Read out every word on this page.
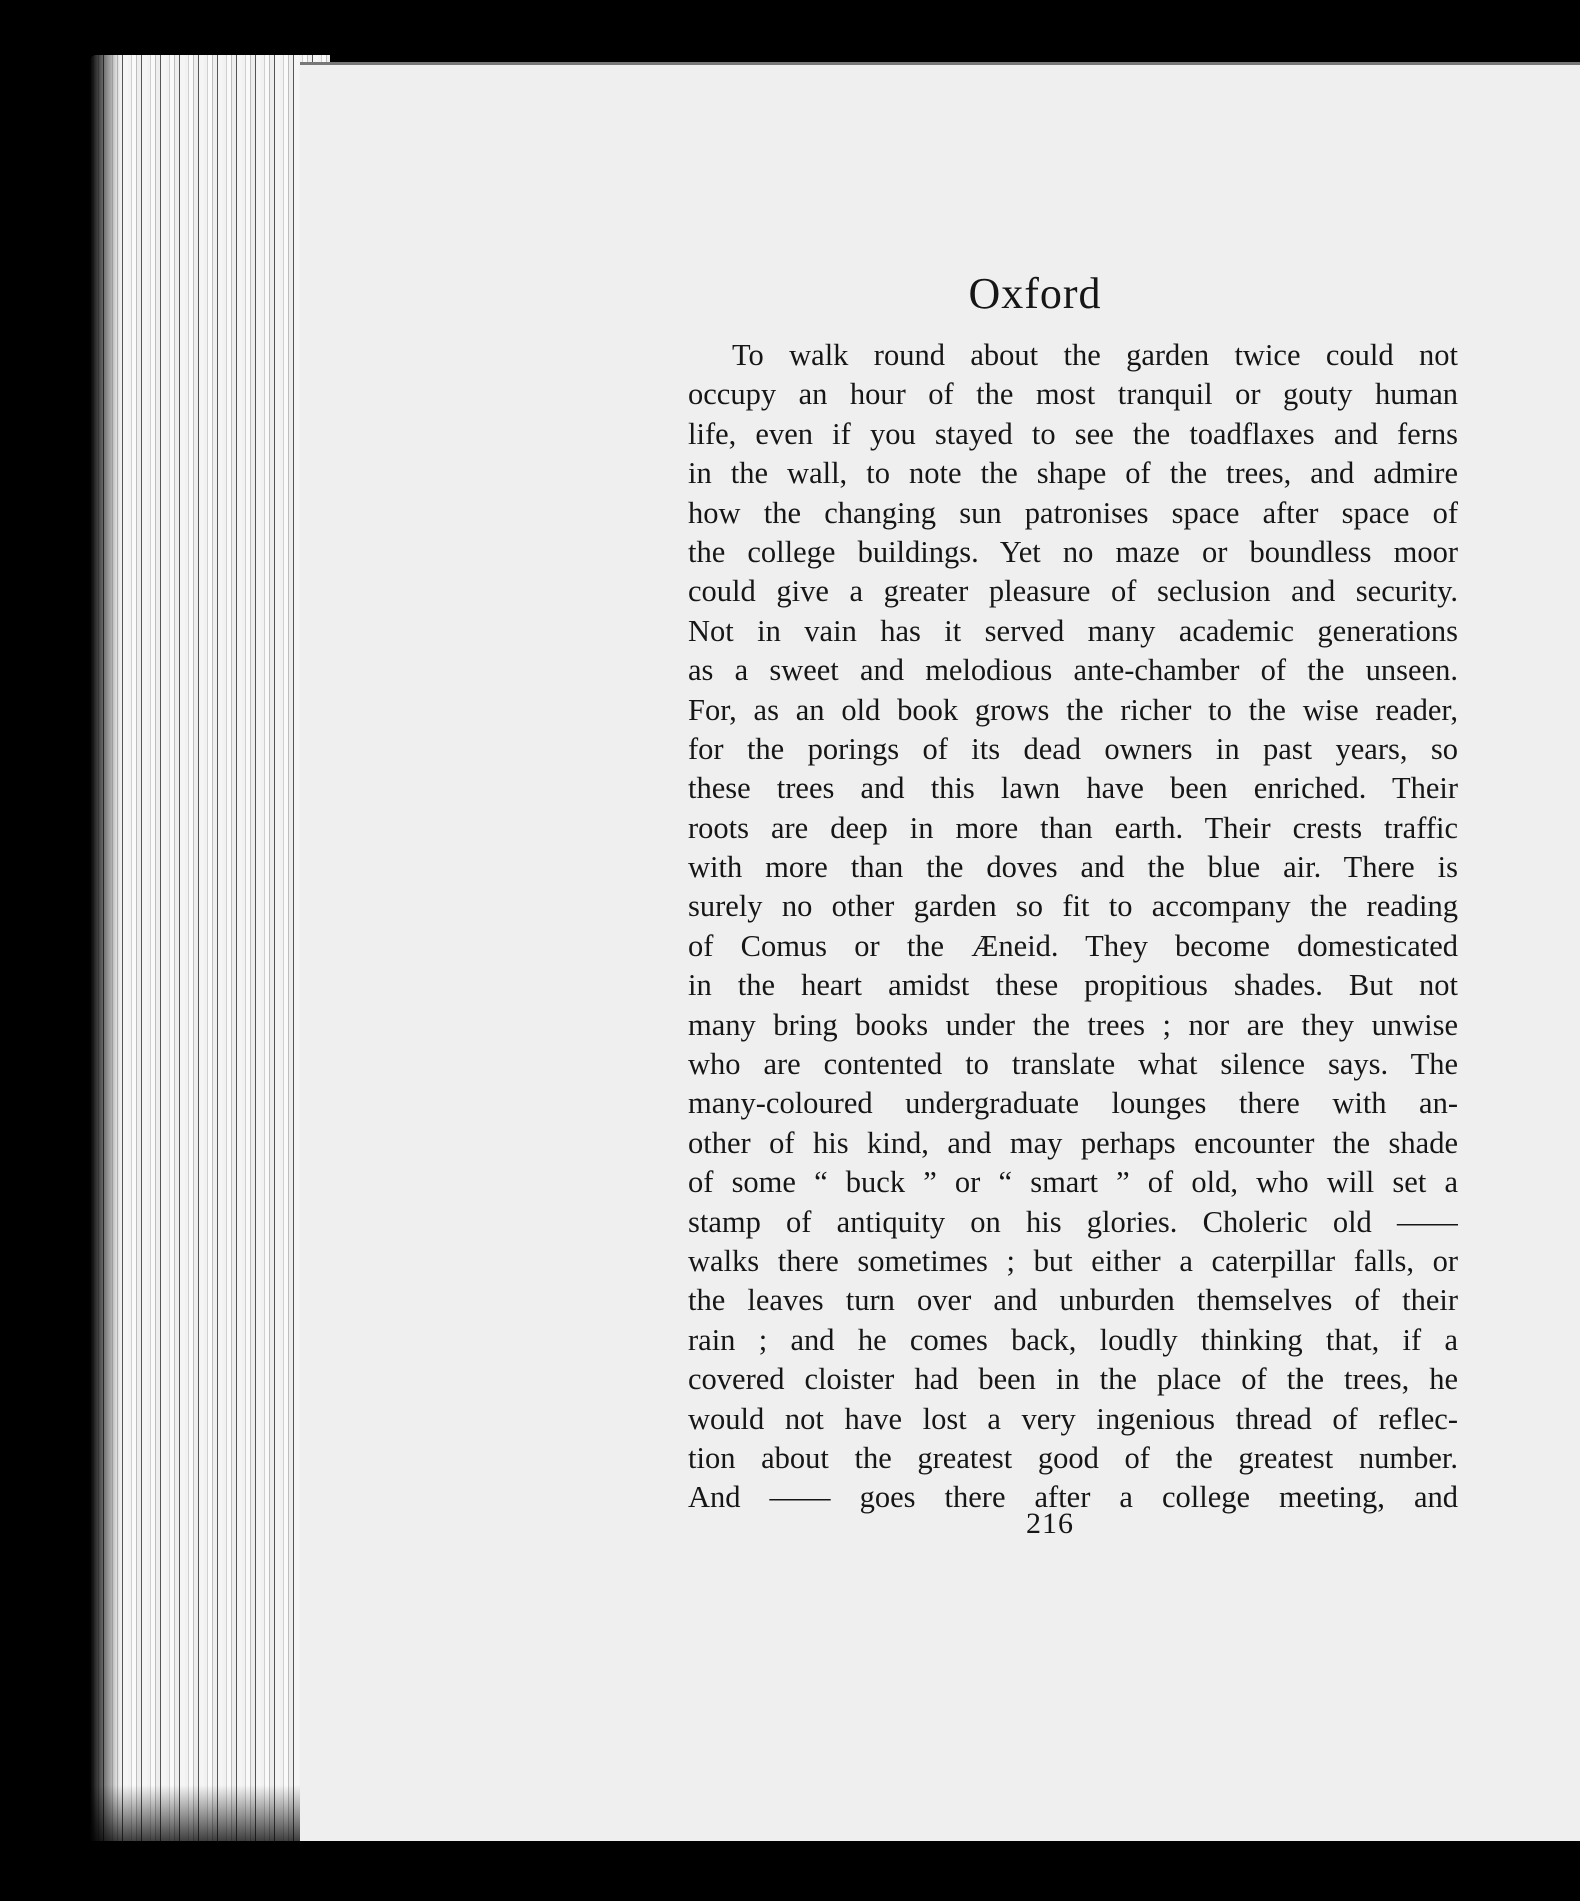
Oxford
To walk round about the garden twice could not
occupy an hour of the most tranquil or gouty human
life, even if you stayed to see the toadflaxes and ferns
in the wall, to note the shape of the trees, and admire
how the changing sun patronises space after space of
the college buildings. Yet no maze or boundless moor
could give a greater pleasure of seclusion and security.
Not in vain has it served many academic generations
as a sweet and melodious ante-chamber of the unseen.
For, as an old book grows the richer to the wise reader,
for the porings of its dead owners in past years, so
these trees and this lawn have been enriched. Their
roots are deep in more than earth. Their crests traffic
with more than the doves and the blue air. There is
surely no other garden so fit to accompany the reading
of Comus or the Æneid. They become domesticated
in the heart amidst these propitious shades. But not
many bring books under the trees ; nor are they unwise
who are contented to translate what silence says. The
many-coloured undergraduate lounges there with an-
other of his kind, and may perhaps encounter the shade
of some “ buck ” or “ smart ” of old, who will set a
stamp of antiquity on his glories. Choleric old ——
walks there sometimes ; but either a caterpillar falls, or
the leaves turn over and unburden themselves of their
rain ; and he comes back, loudly thinking that, if a
covered cloister had been in the place of the trees, he
would not have lost a very ingenious thread of reflec-
tion about the greatest good of the greatest number.
And —— goes there after a college meeting, and
216
